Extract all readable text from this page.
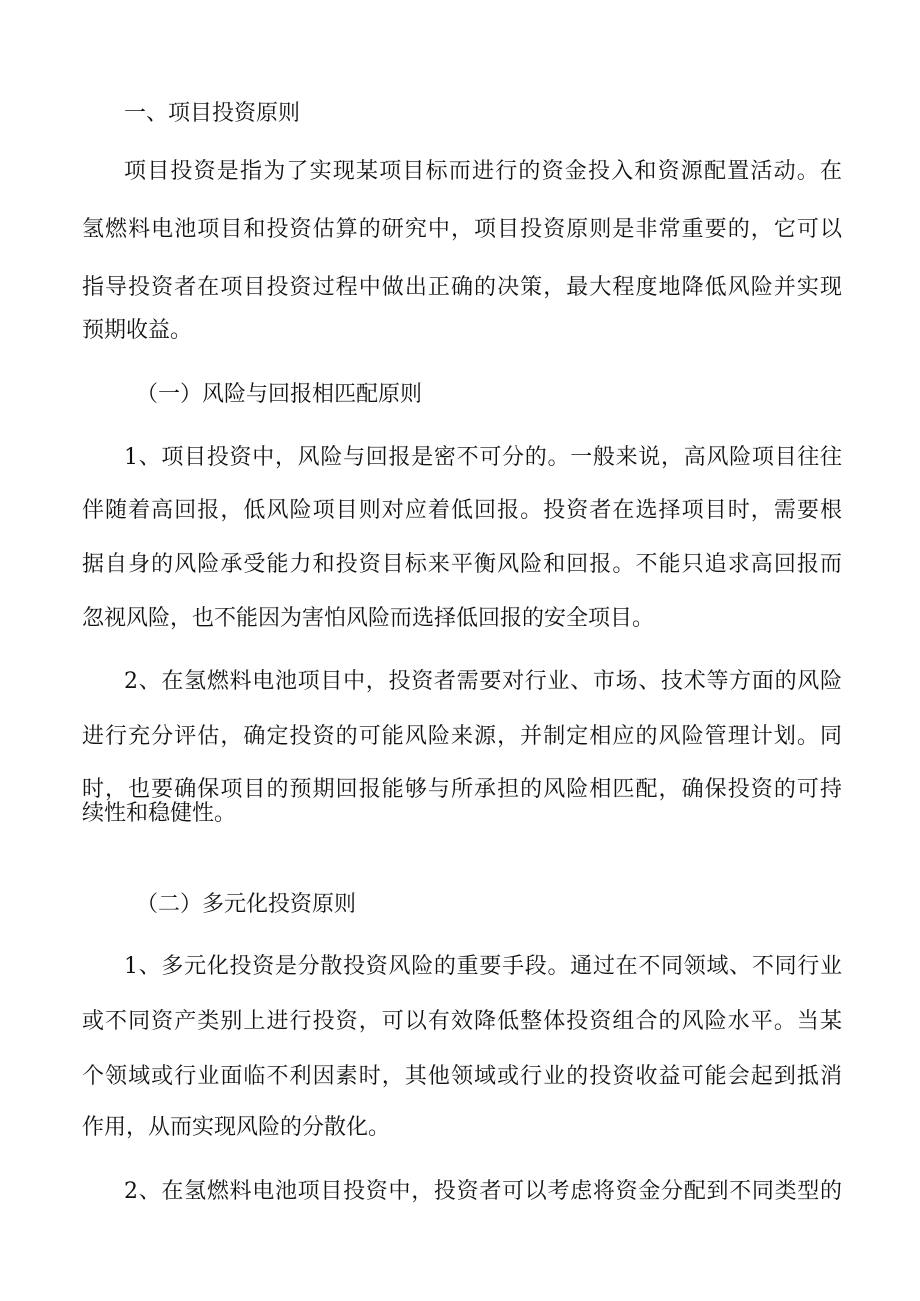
一、项目投资原则
项目投资是指为了实现某项目标而进行的资金投入和资源配置活动。在
氢燃料电池项目和投资估算的研究中，项目投资原则是非常重要的，它可以
指导投资者在项目投资过程中做出正确的决策，最大程度地降低风险并实现
预期收益。
（一）风险与回报相匹配原则
1、项目投资中，风险与回报是密不可分的。一般来说，高风险项目往往
伴随着高回报，低风险项目则对应着低回报。投资者在选择项目时，需要根
据自身的风险承受能力和投资目标来平衡风险和回报。不能只追求高回报而
忽视风险，也不能因为害怕风险而选择低回报的安全项目。
2、在氢燃料电池项目中，投资者需要对行业、市场、技术等方面的风险
进行充分评估，确定投资的可能风险来源，并制定相应的风险管理计划。同
时，也要确保项目的预期回报能够与所承担的风险相匹配，确保投资的可持
续性和稳健性。
（二）多元化投资原则
1、多元化投资是分散投资风险的重要手段。通过在不同领域、不同行业
或不同资产类别上进行投资，可以有效降低整体投资组合的风险水平。当某
个领域或行业面临不利因素时，其他领域或行业的投资收益可能会起到抵消
作用，从而实现风险的分散化。
2、在氢燃料电池项目投资中，投资者可以考虑将资金分配到不同类型的
